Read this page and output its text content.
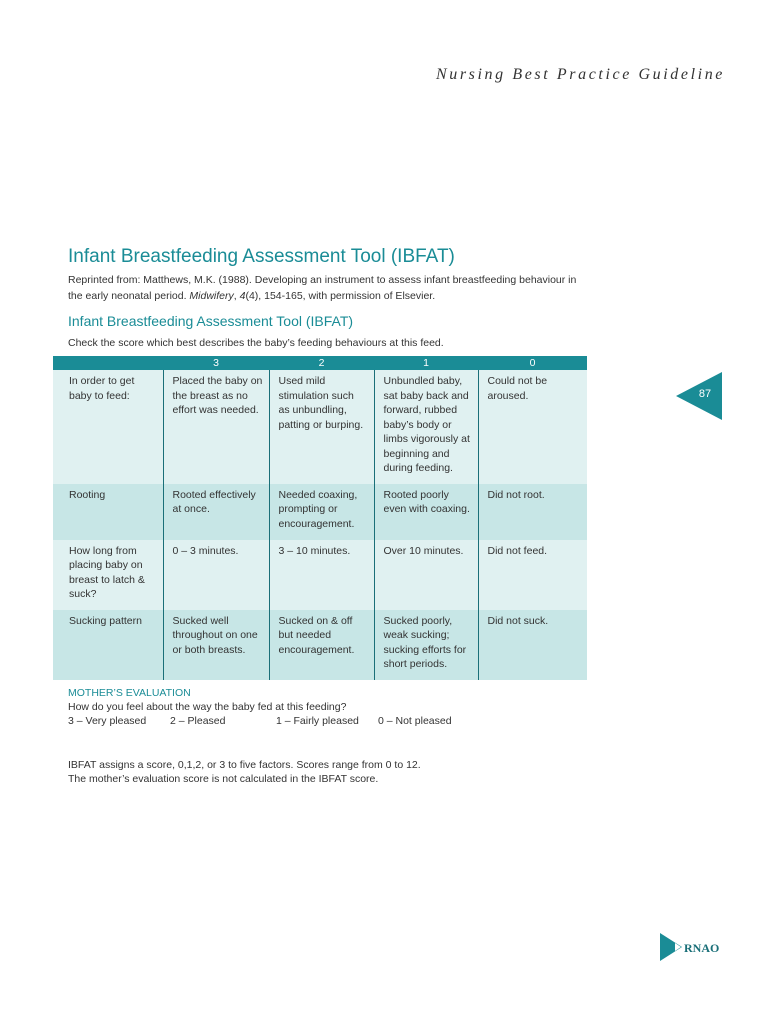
Nursing Best Practice Guideline
Infant Breastfeeding Assessment Tool (IBFAT)
Reprinted from: Matthews, M.K. (1988). Developing an instrument to assess infant breastfeeding behaviour in the early neonatal period. Midwifery, 4(4), 154-165, with permission of Elsevier.
Infant Breastfeeding Assessment Tool (IBFAT)
Check the score which best describes the baby’s feeding behaviours at this feed.
	3	2	1	0
In order to get baby to feed:	Placed the baby on the breast as no effort was needed.	Used mild stimulation such as unbundling, patting or burping.	Unbundled baby, sat baby back and forward, rubbed baby’s body or limbs vigorously at beginning and during feeding.	Could not be aroused.
Rooting	Rooted effectively at once.	Needed coaxing, prompting or encouragement.	Rooted poorly even with coaxing.	Did not root.
How long from placing baby on breast to latch & suck?	0 – 3 minutes.	3 – 10 minutes.	Over 10 minutes.	Did not feed.
Sucking pattern	Sucked well throughout on one or both breasts.	Sucked on & off but needed encouragement.	Sucked poorly, weak sucking; sucking efforts for short periods.	Did not suck.
MOTHER’S EVALUATION
How do you feel about the way the baby fed at this feeding?
3 – Very pleased	2 – Pleased	1 – Fairly pleased	0 – Not pleased
IBFAT assigns a score, 0,1,2, or 3 to five factors. Scores range from 0 to 12.
The mother’s evaluation score is not calculated in the IBFAT score.
87
RNAO
